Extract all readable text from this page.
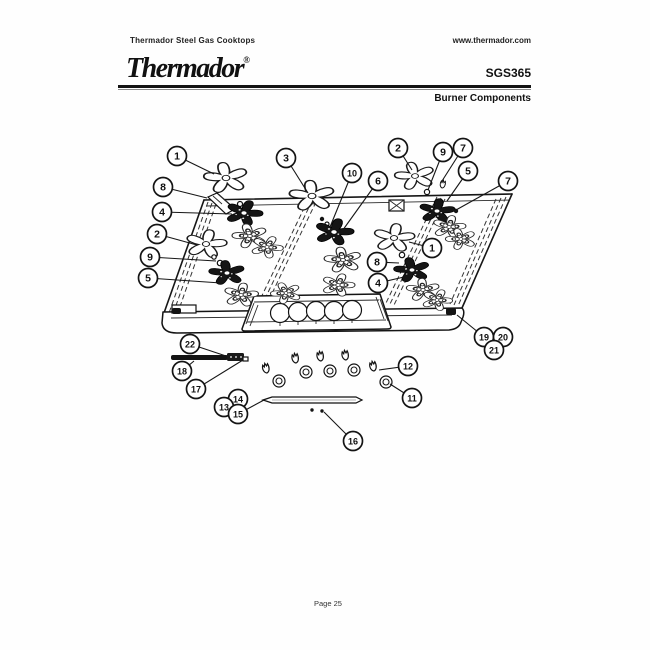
Thermador Steel Gas Cooktops	www.thermador.com
Thermador®
SGS365
Burner Components
1
8
4
2
9
5
3
10
6
2	9 7
5
7
1
8
4
19 20
21
22
18
17
12
11
14
13
15
16
Page 25
